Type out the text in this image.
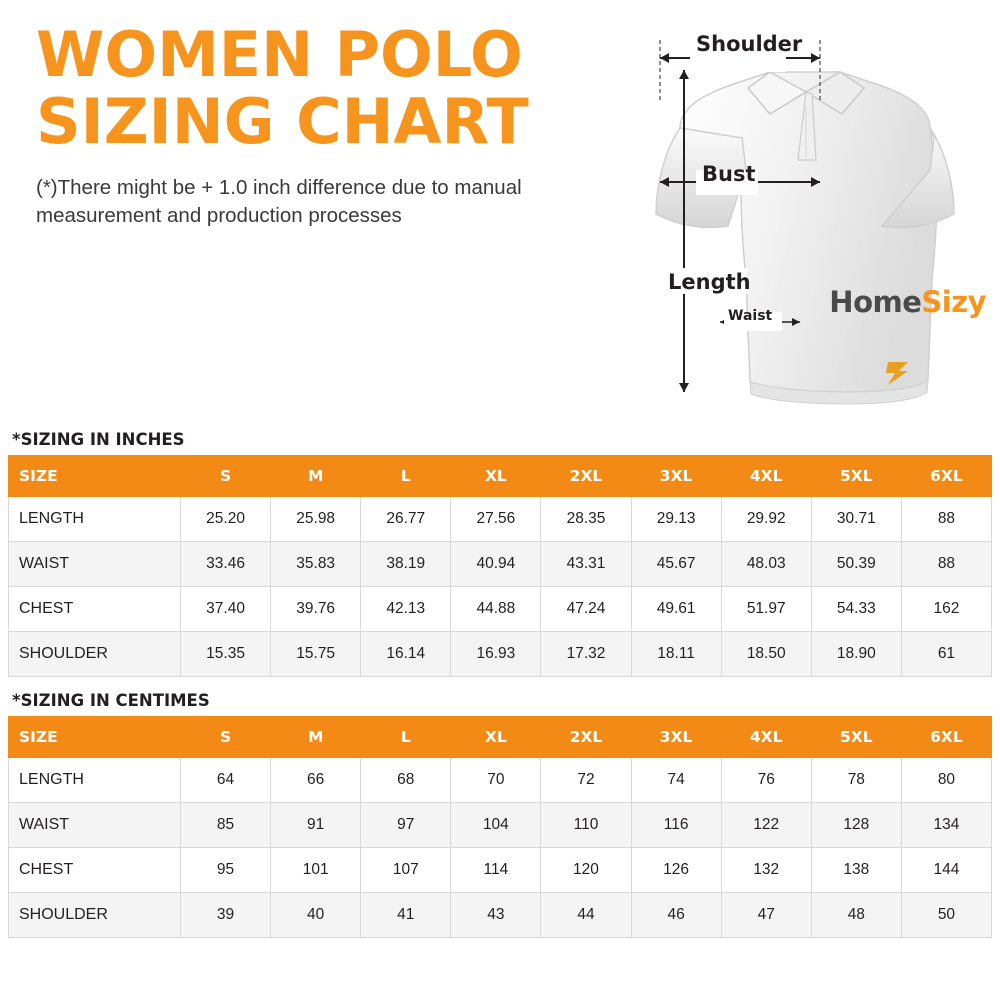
WOMEN POLO
SIZING CHART
(*)There might be + 1.0 inch difference due to manual measurement and production processes
Shoulder
Bust
Length
Waist HomeSizy
*SIZING IN INCHES
SIZE	S	M	L	XL	2XL	3XL	4XL	5XL	6XL
LENGTH	25.20	25.98	26.77	27.56	28.35	29.13	29.92	30.71	88
WAIST	33.46	35.83	38.19	40.94	43.31	45.67	48.03	50.39	88
CHEST	37.40	39.76	42.13	44.88	47.24	49.61	51.97	54.33	162
SHOULDER	15.35	15.75	16.14	16.93	17.32	18.11	18.50	18.90	61
*SIZING IN CENTIMES
SIZE	S	M	L	XL	2XL	3XL	4XL	5XL	6XL
LENGTH	64	66	68	70	72	74	76	78	80
WAIST	85	91	97	104	110	116	122	128	134
CHEST	95	101	107	114	120	126	132	138	144
SHOULDER	39	40	41	43	44	46	47	48	50
